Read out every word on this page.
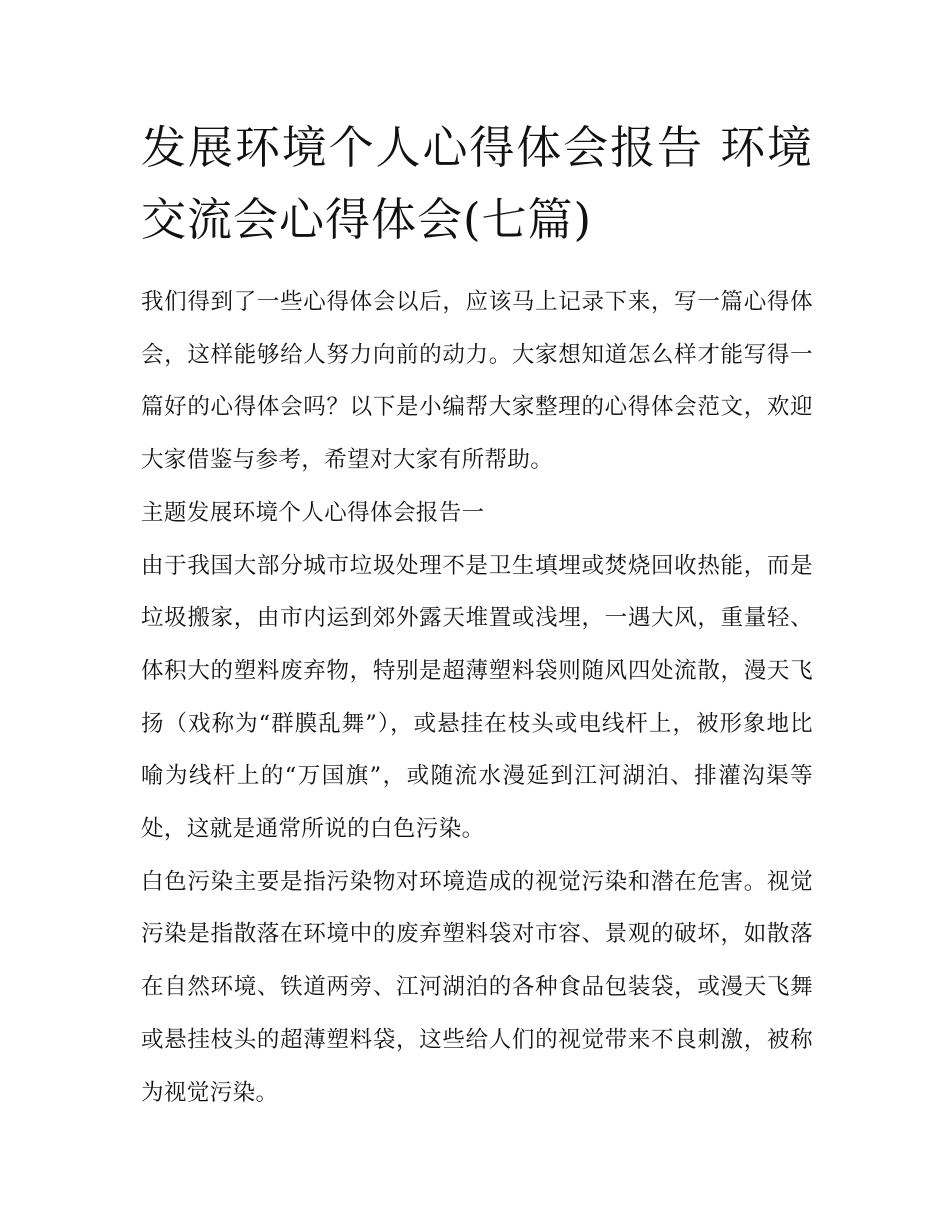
发展环境个人心得体会报告 环境交流会心得体会(七篇)

我们得到了一些心得体会以后，应该马上记录下来，写一篇心得体会，这样能够给人努力向前的动力。大家想知道怎么样才能写得一篇好的心得体会吗？以下是小编帮大家整理的心得体会范文，欢迎大家借鉴与参考，希望对大家有所帮助。

主题发展环境个人心得体会报告一

由于我国大部分城市垃圾处理不是卫生填埋或焚烧回收热能，而是垃圾搬家，由市内运到郊外露天堆置或浅埋，一遇大风，重量轻、体积大的塑料废弃物，特别是超薄塑料袋则随风四处流散，漫天飞扬（戏称为“群膜乱舞”），或悬挂在枝头或电线杆上，被形象地比喻为线杆上的“万国旗”，或随流水漫延到江河湖泊、排灌沟渠等处，这就是通常所说的白色污染。

白色污染主要是指污染物对环境造成的视觉污染和潜在危害。视觉污染是指散落在环境中的废弃塑料袋对市容、景观的破坏，如散落在自然环境、铁道两旁、江河湖泊的各种食品包装袋，或漫天飞舞或悬挂枝头的超薄塑料袋，这些给人们的视觉带来不良刺激，被称为视觉污染。
